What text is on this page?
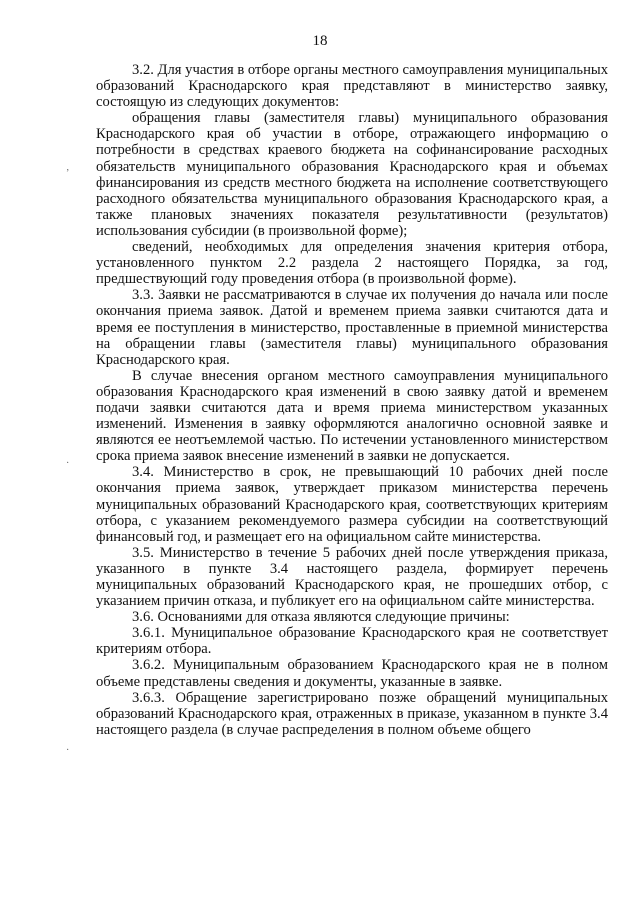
18
ʼ
·
·

3.2. Для участия в отборе органы местного самоуправления муниципальных образований Краснодарского края представляют в министерство заявку, состоящую из следующих документов:

обращения главы (заместителя главы) муниципального образования Краснодарского края об участии в отборе, отражающего информацию о потребности в средствах краевого бюджета на софинансирование расходных обязательств муниципального образования Краснодарского края и объемах финансирования из средств местного бюджета на исполнение соответствующего расходного обязательства муниципального образования Краснодарского края, а также плановых значениях показателя результативности (результатов) использования субсидии (в произвольной форме);

сведений, необходимых для определения значения критерия отбора, установленного пунктом 2.2 раздела 2 настоящего Порядка, за год, предшествующий году проведения отбора (в произвольной форме).

3.3. Заявки не рассматриваются в случае их получения до начала или после окончания приема заявок. Датой и временем приема заявки считаются дата и время ее поступления в министерство, проставленные в приемной министерства на обращении главы (заместителя главы) муниципального образования Краснодарского края.

В случае внесения органом местного самоуправления муниципального образования Краснодарского края изменений в свою заявку датой и временем подачи заявки считаются дата и время приема министерством указанных изменений. Изменения в заявку оформляются аналогично основной заявке и являются ее неотъемлемой частью. По истечении установленного министерством срока приема заявок внесение изменений в заявки не допускается.

3.4. Министерство в срок, не превышающий 10 рабочих дней после окончания приема заявок, утверждает приказом министерства перечень муниципальных образований Краснодарского края, соответствующих критериям отбора, с указанием рекомендуемого размера субсидии на соответствующий финансовый год, и размещает его на официальном сайте министерства.

3.5. Министерство в течение 5 рабочих дней после утверждения приказа, указанного в пункте 3.4 настоящего раздела, формирует перечень муниципальных образований Краснодарского края, не прошедших отбор, с указанием причин отказа, и публикует его на официальном сайте министерства.

3.6. Основаниями для отказа являются следующие причины:

3.6.1. Муниципальное образование Краснодарского края не соответствует критериям отбора.

3.6.2. Муниципальным образованием Краснодарского края не в полном объеме представлены сведения и документы, указанные в заявке.

3.6.3. Обращение зарегистрировано позже обращений муниципальных образований Краснодарского края, отраженных в приказе, указанном в пункте 3.4 настоящего раздела (в случае распределения в полном объеме общего
